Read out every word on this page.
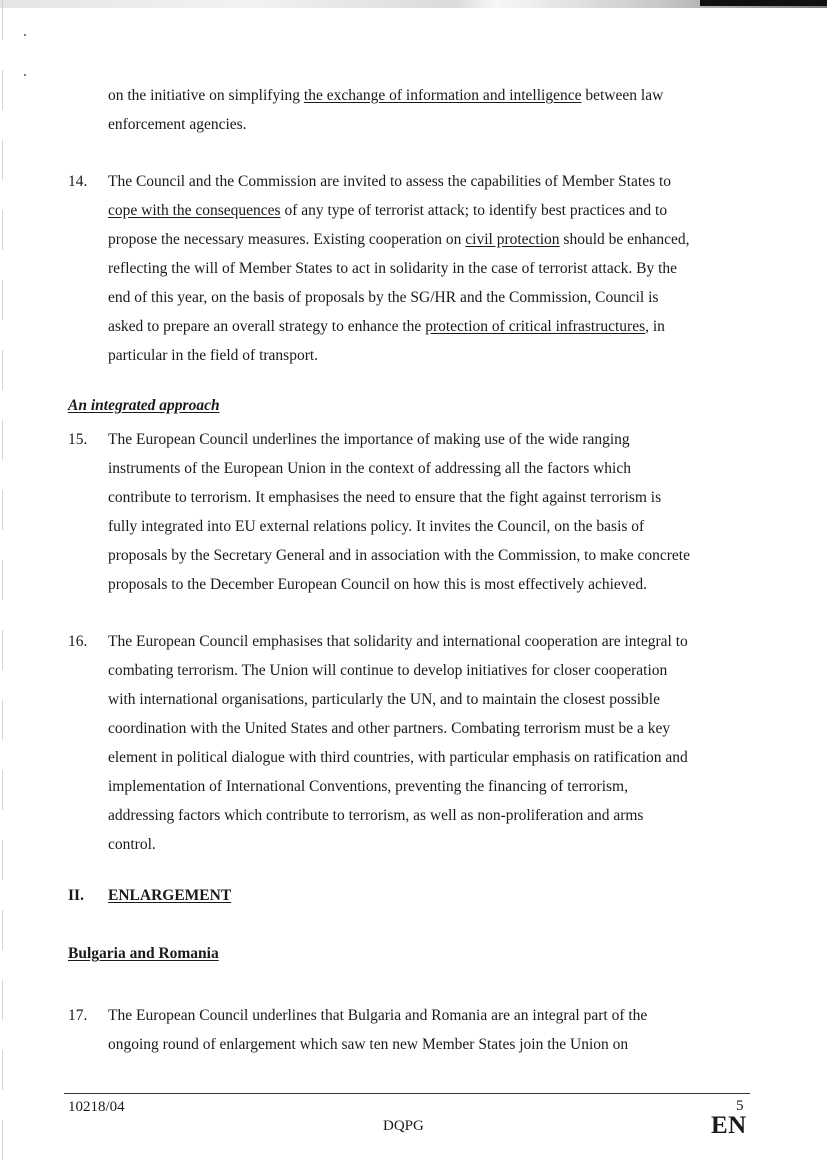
on the initiative on simplifying the exchange of information and intelligence between law
enforcement agencies.
14. The Council and the Commission are invited to assess the capabilities of Member States to
cope with the consequences of any type of terrorist attack; to identify best practices and to
propose the necessary measures. Existing cooperation on civil protection should be enhanced,
reflecting the will of Member States to act in solidarity in the case of terrorist attack. By the
end of this year, on the basis of proposals by the SG/HR and the Commission, Council is
asked to prepare an overall strategy to enhance the protection of critical infrastructures, in
particular in the field of transport.
An integrated approach
15. The European Council underlines the importance of making use of the wide ranging
instruments of the European Union in the context of addressing all the factors which
contribute to terrorism. It emphasises the need to ensure that the fight against terrorism is
fully integrated into EU external relations policy. It invites the Council, on the basis of
proposals by the Secretary General and in association with the Commission, to make concrete
proposals to the December European Council on how this is most effectively achieved.
16. The European Council emphasises that solidarity and international cooperation are integral to
combating terrorism. The Union will continue to develop initiatives for closer cooperation
with international organisations, particularly the UN, and to maintain the closest possible
coordination with the United States and other partners. Combating terrorism must be a key
element in political dialogue with third countries, with particular emphasis on ratification and
implementation of International Conventions, preventing the financing of terrorism,
addressing factors which contribute to terrorism, as well as non-proliferation and arms
control.
II. ENLARGEMENT
Bulgaria and Romania
17. The European Council underlines that Bulgaria and Romania are an integral part of the
ongoing round of enlargement which saw ten new Member States join the Union on
10218/04
DQPG
5
EN
